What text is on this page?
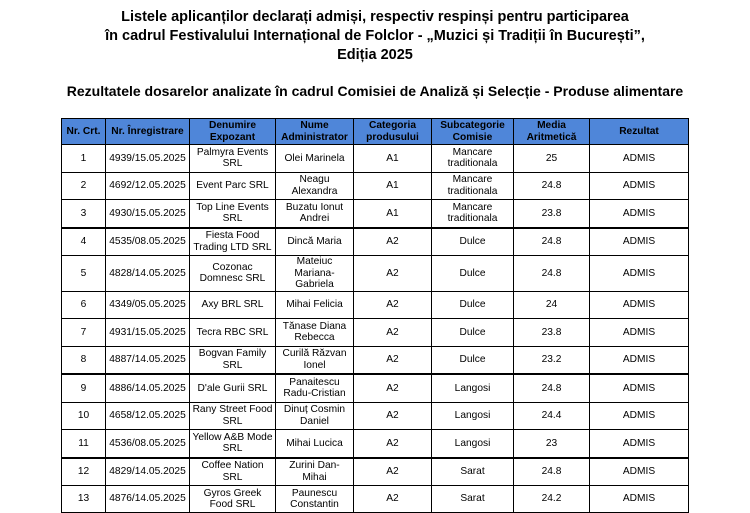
Listele aplicanților declarați admiși, respectiv respinși pentru participarea
în cadrul Festivalului Internațional de Folclor - „Muzici și Tradiții în București”,
Ediția 2025
Rezultatele dosarelor analizate în cadrul Comisiei de Analiză și Selecție - Produse alimentare
Nr. Crt.	Nr. Înregistrare	Denumire Expozant	Nume Administrator	Categoria produsului	Subcategorie Comisie	Media Aritmetică	Rezultat
1	4939/15.05.2025	Palmyra Events SRL	Olei Marinela	A1	Mancare traditionala	25	ADMIS
2	4692/12.05.2025	Event Parc SRL	Neagu Alexandra	A1	Mancare traditionala	24.8	ADMIS
3	4930/15.05.2025	Top Line Events SRL	Buzatu Ionut Andrei	A1	Mancare traditionala	23.8	ADMIS
4	4535/08.05.2025	Fiesta Food Trading LTD SRL	Dincă Maria	A2	Dulce	24.8	ADMIS
5	4828/14.05.2025	Cozonac Domnesc SRL	Mateiuc Mariana-Gabriela	A2	Dulce	24.8	ADMIS
6	4349/05.05.2025	Axy BRL SRL	Mihai Felicia	A2	Dulce	24	ADMIS
7	4931/15.05.2025	Tecra RBC SRL	Tănase Diana Rebecca	A2	Dulce	23.8	ADMIS
8	4887/14.05.2025	Bogvan Family SRL	Curilă Răzvan Ionel	A2	Dulce	23.2	ADMIS
9	4886/14.05.2025	D'ale Gurii SRL	Panaitescu Radu-Cristian	A2	Langosi	24.8	ADMIS
10	4658/12.05.2025	Rany Street Food SRL	Dinuț Cosmin Daniel	A2	Langosi	24.4	ADMIS
11	4536/08.05.2025	Yellow A&B Mode SRL	Mihai Lucica	A2	Langosi	23	ADMIS
12	4829/14.05.2025	Coffee Nation SRL	Zurini Dan-Mihai	A2	Sarat	24.8	ADMIS
13	4876/14.05.2025	Gyros Greek Food SRL	Paunescu Constantin	A2	Sarat	24.2	ADMIS
